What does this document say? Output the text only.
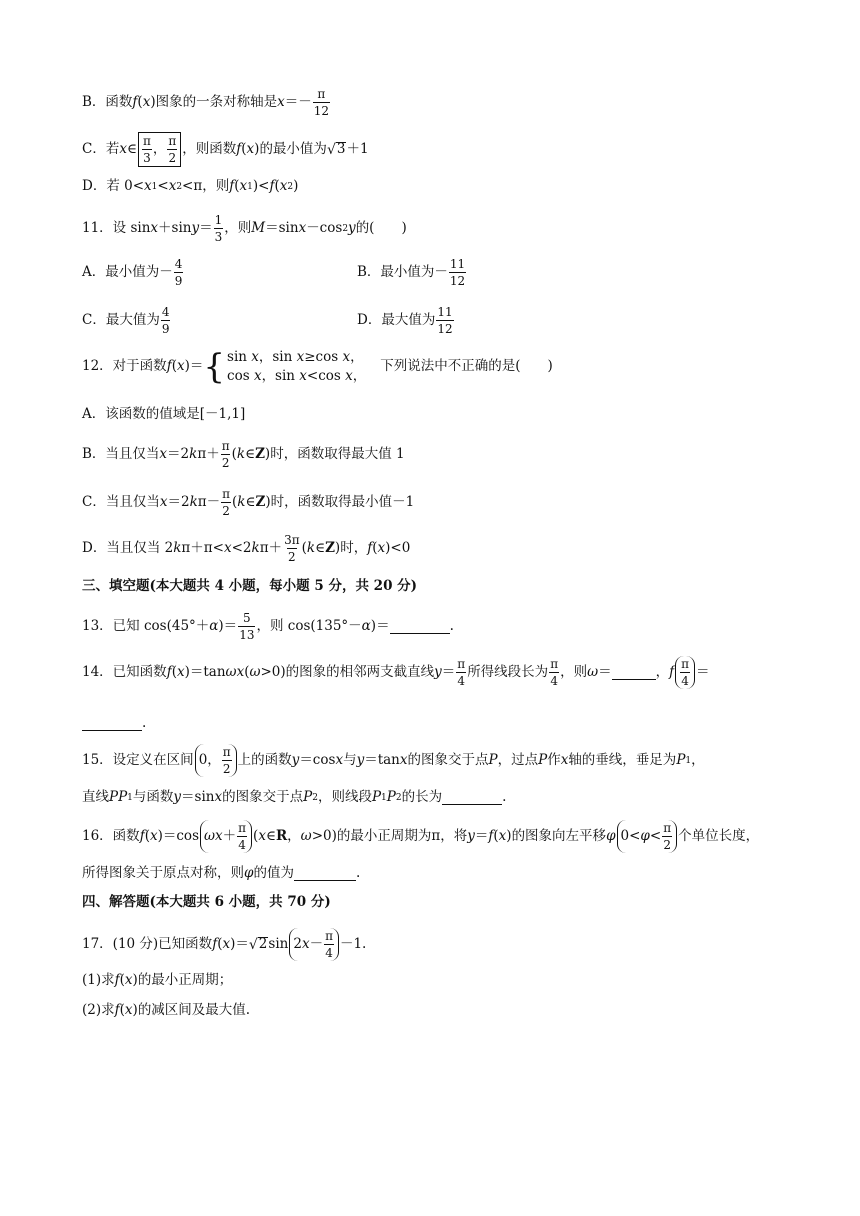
B．函数 f ( x ) 图象的一条对称轴是 $x =- \frac{\pi}{12}$
C．若 x ∈ $\frac{\pi}{3}$ ， $\frac{\pi}{2}$ ，则函数 f ( x ) 的最小值为 √ 3 ＋1
D．若 0< x 1 < x 2 <π，则 f ( x 1 ) < f ( x 2 )
11．设 sin x ＋sin $y = \frac{1}{3}$ ，则 M ＝sin x －cos 2 y 的(　　)
A．最小值为－ $\frac{4}{9}$	B．最小值为－ $\frac{11}{12}$
C．最大值为 $\frac{4}{9}$	D．最大值为 $\frac{11}{12}$
12．对于函数 f ( x ) ＝ { sin x，sin x≥cos x，
cos x，sin x<cos x，
下列说法中不正确的是(　　)
A．该函数的值域是[－1,1]
B．当且仅当 x ＝2 k $\pi+ \frac{\pi}{2}$ ( k ∈ Z )时，函数取得最大值 1
C．当且仅当 x ＝2 k $\pi- \frac{\pi}{2}$ ( k ∈ Z )时，函数取得最小值－1
D．当且仅当 2 k π＋π< x <2 k $\pi+ \frac{3\pi}{2}$ ( k ∈ Z )时， f ( x ) <0
三、填空题(本大题共 4 小题，每小题 5 分，共 20 分)
13．已知 cos(45°＋ α )＝ $\frac{5}{13}$ ，则 cos(135°－ α )＝	.
14．已知函数 f ( x ) ＝tan ω x ( ω >0)的图象的相邻两支截直线 $y = \frac{\pi}{4}$ 所得线段长为 $\frac{\pi}{4}$ ，则 ω ＝	， f $\frac{\pi}{4}$ ＝
.
15．设定义在区间 0， $\frac{\pi}{2}$ 上的函数 y ＝cos x 与 y ＝tan x 的图象交于点 P ，过点 P 作 x 轴的垂线，垂足为 P 1 ，
直线 PP 1 与函数 y ＝sin x 的图象交于点 P 2 ，则线段 P 1 P 2 的长为	.
16．函数 f ( x ) ＝cos ω $x + \frac{\pi}{4}$ ( x ∈ R ， ω >0)的最小正周期为π，将 y ＝ f ( x ) 的图象向左平移 φ $0< \varphi < \frac{\pi}{2}$ 个单位长度，
所得图象关于原点对称，则 φ 的值为	.
四、解答题(本大题共 6 小题，共 70 分)
17．(10 分)已知函数 f ( x ) ＝ √ 2 sin 2 $x - \frac{\pi}{4} -1$.
(1)求 f ( x ) 的最小正周期；
(2)求 f ( x ) 的减区间及最大值.
